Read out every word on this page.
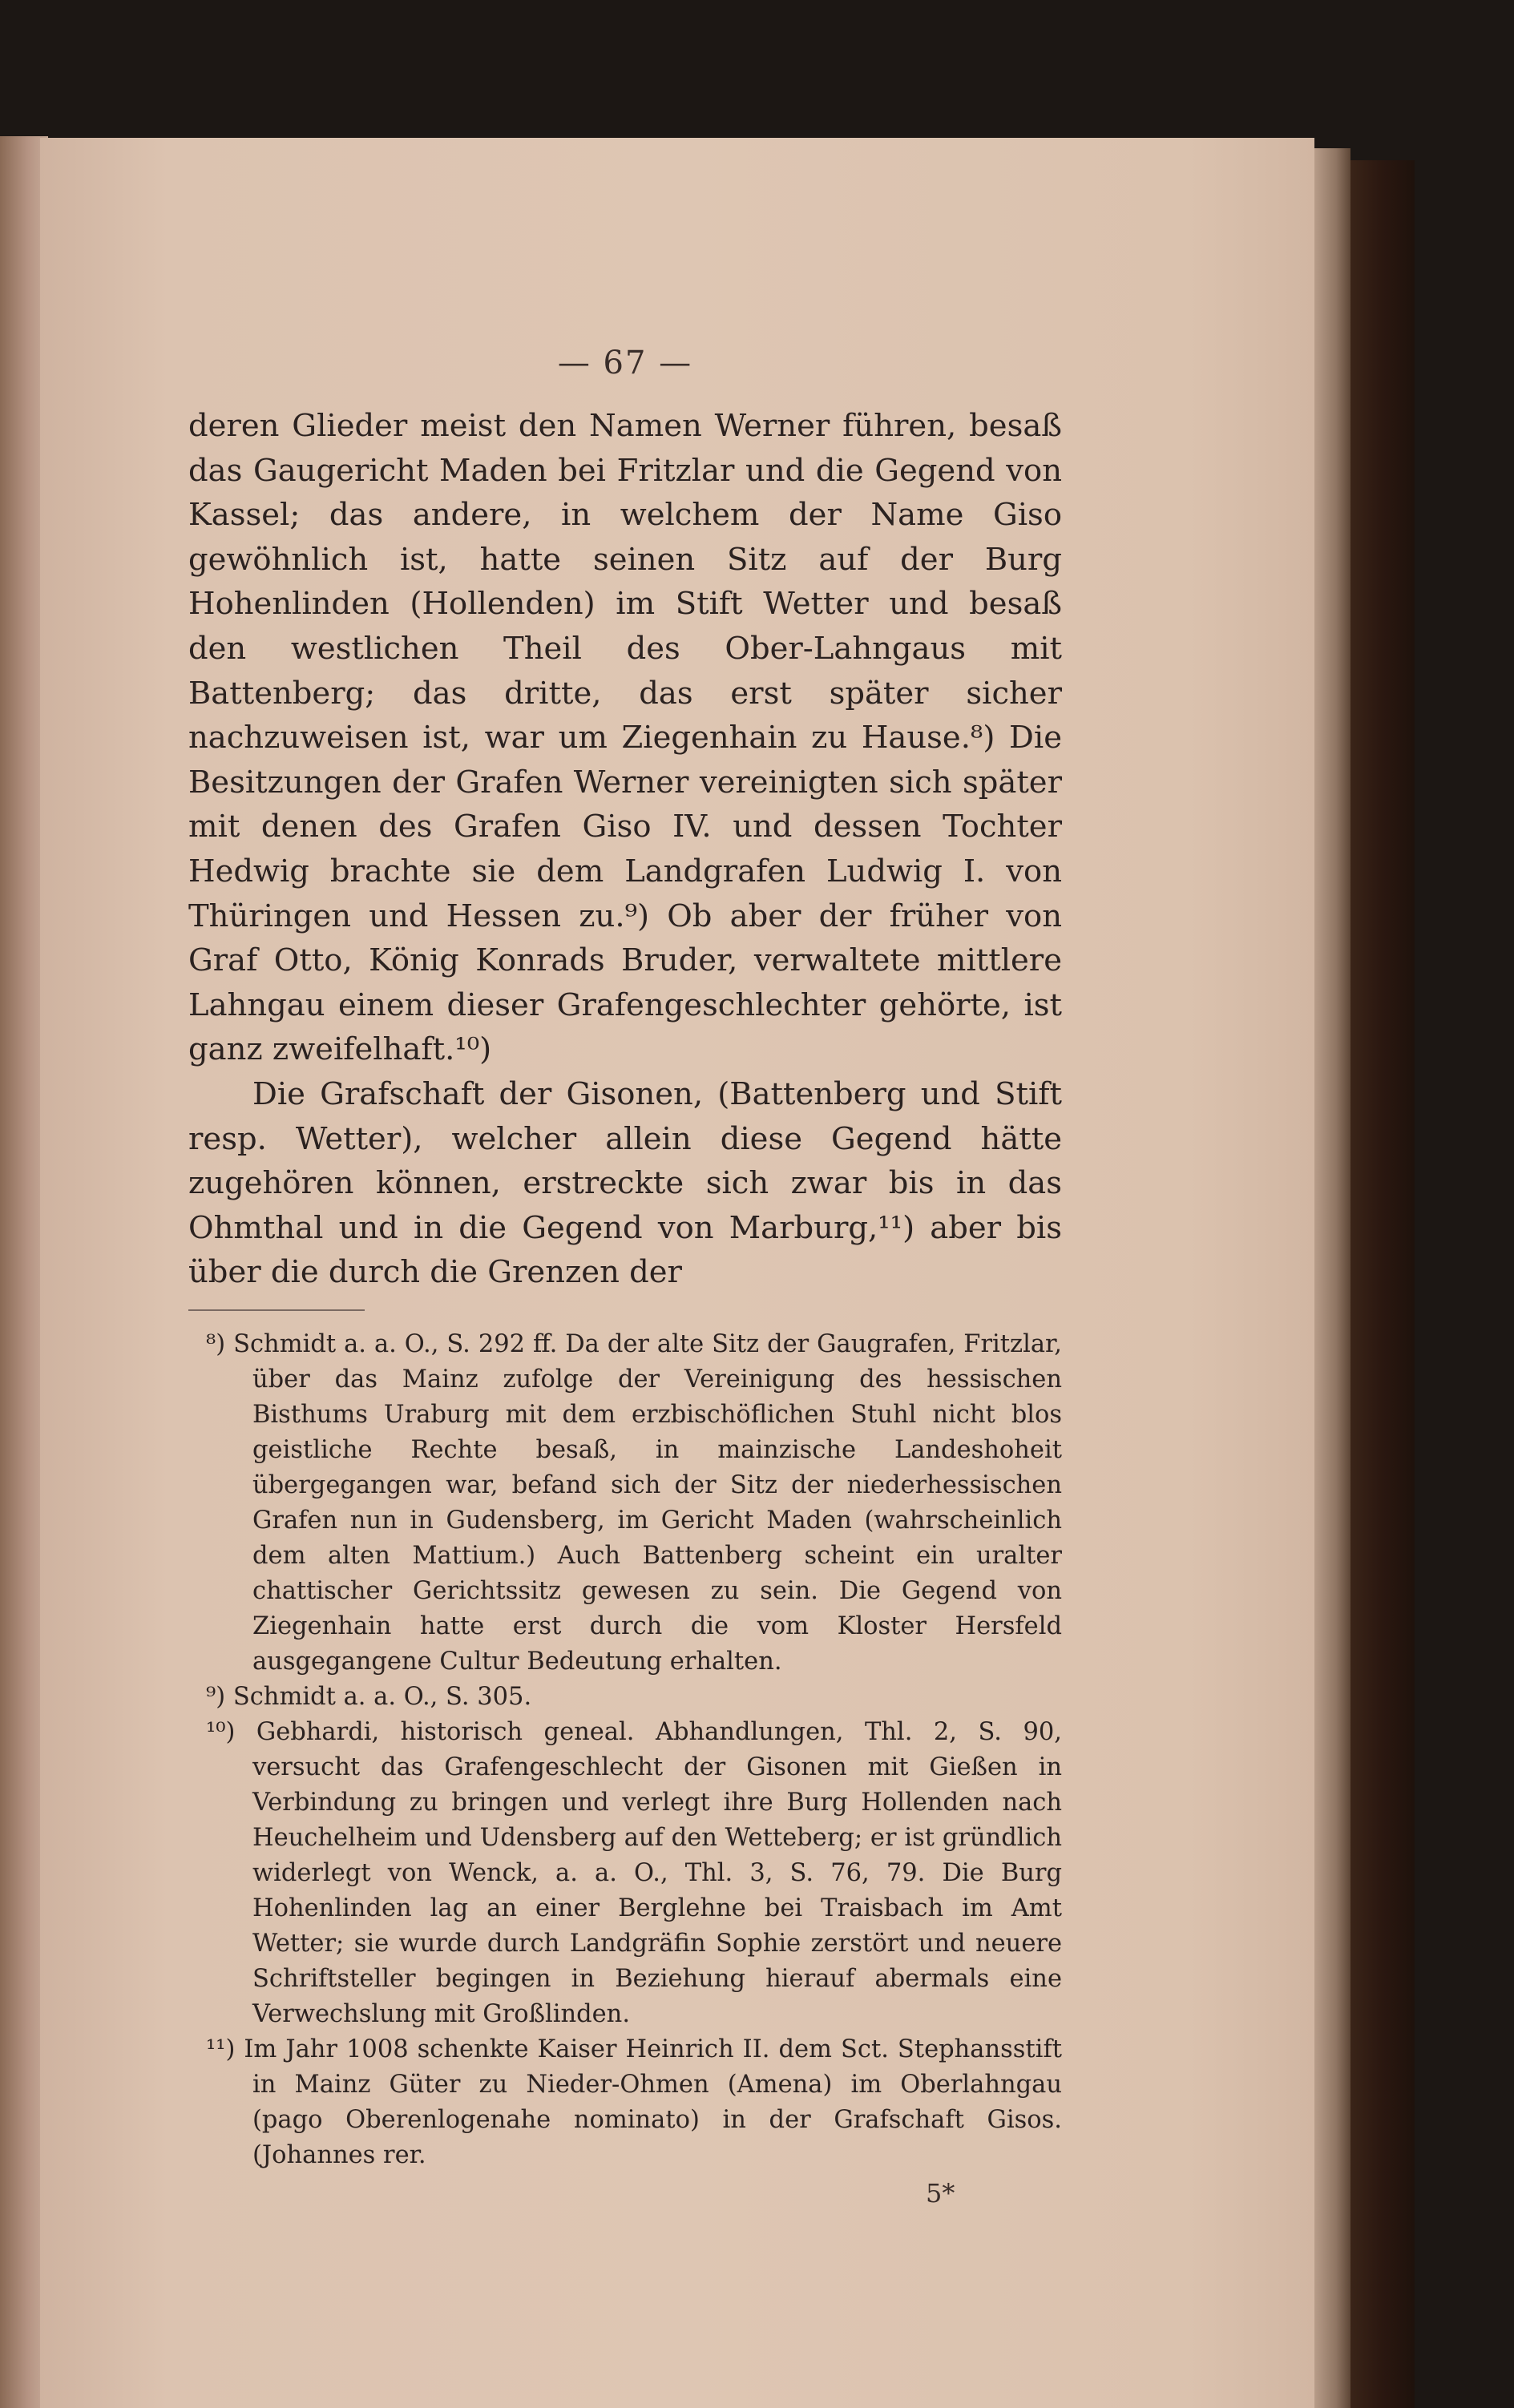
— 67 —

deren Glieder meist den Namen Werner führen, besaß das Gaugericht Maden bei Fritzlar und die Gegend von Kassel; das andere, in welchem der Name Giso gewöhnlich ist, hatte seinen Sitz auf der Burg Hohenlinden (Hollenden) im Stift Wetter und besaß den westlichen Theil des Ober-Lahngaus mit Battenberg; das dritte, das erst später sicher nachzuweisen ist, war um Ziegenhain zu Hause.⁸) Die Besitzungen der Grafen Werner vereinigten sich später mit denen des Grafen Giso IV. und dessen Tochter Hedwig brachte sie dem Landgrafen Ludwig I. von Thüringen und Hessen zu.⁹) Ob aber der früher von Graf Otto, König Konrads Bruder, verwaltete mittlere Lahngau einem dieser Grafengeschlechter gehörte, ist ganz zweifelhaft.¹⁰)

Die Grafschaft der Gisonen, (Battenberg und Stift resp. Wetter), welcher allein diese Gegend hätte zugehören können, erstreckte sich zwar bis in das Ohmthal und in die Gegend von Marburg,¹¹) aber bis über die durch die Grenzen der

⁸) Schmidt a. a. O., S. 292 ff. Da der alte Sitz der Gaugrafen, Fritzlar, über das Mainz zufolge der Vereinigung des hessischen Bisthums Uraburg mit dem erzbischöflichen Stuhl nicht blos geistliche Rechte besaß, in mainzische Landeshoheit übergegangen war, befand sich der Sitz der niederhessischen Grafen nun in Gudensberg, im Gericht Maden (wahrscheinlich dem alten Mattium.) Auch Battenberg scheint ein uralter chattischer Gerichtssitz gewesen zu sein. Die Gegend von Ziegenhain hatte erst durch die vom Kloster Hersfeld ausgegangene Cultur Bedeutung erhalten.

⁹) Schmidt a. a. O., S. 305.

¹⁰) Gebhardi, historisch geneal. Abhandlungen, Thl. 2, S. 90, versucht das Grafengeschlecht der Gisonen mit Gießen in Verbindung zu bringen und verlegt ihre Burg Hollenden nach Heuchelheim und Udensberg auf den Wetteberg; er ist gründlich widerlegt von Wenck, a. a. O., Thl. 3, S. 76, 79. Die Burg Hohenlinden lag an einer Berglehne bei Traisbach im Amt Wetter; sie wurde durch Landgräfin Sophie zerstört und neuere Schriftsteller begingen in Beziehung hierauf abermals eine Verwechslung mit Großlinden.

¹¹) Im Jahr 1008 schenkte Kaiser Heinrich II. dem Sct. Stephansstift in Mainz Güter zu Nieder-Ohmen (Amena) im Oberlahngau (pago Oberenlogenahe nominato) in der Grafschaft Gisos. (Johannes rer.

5*
